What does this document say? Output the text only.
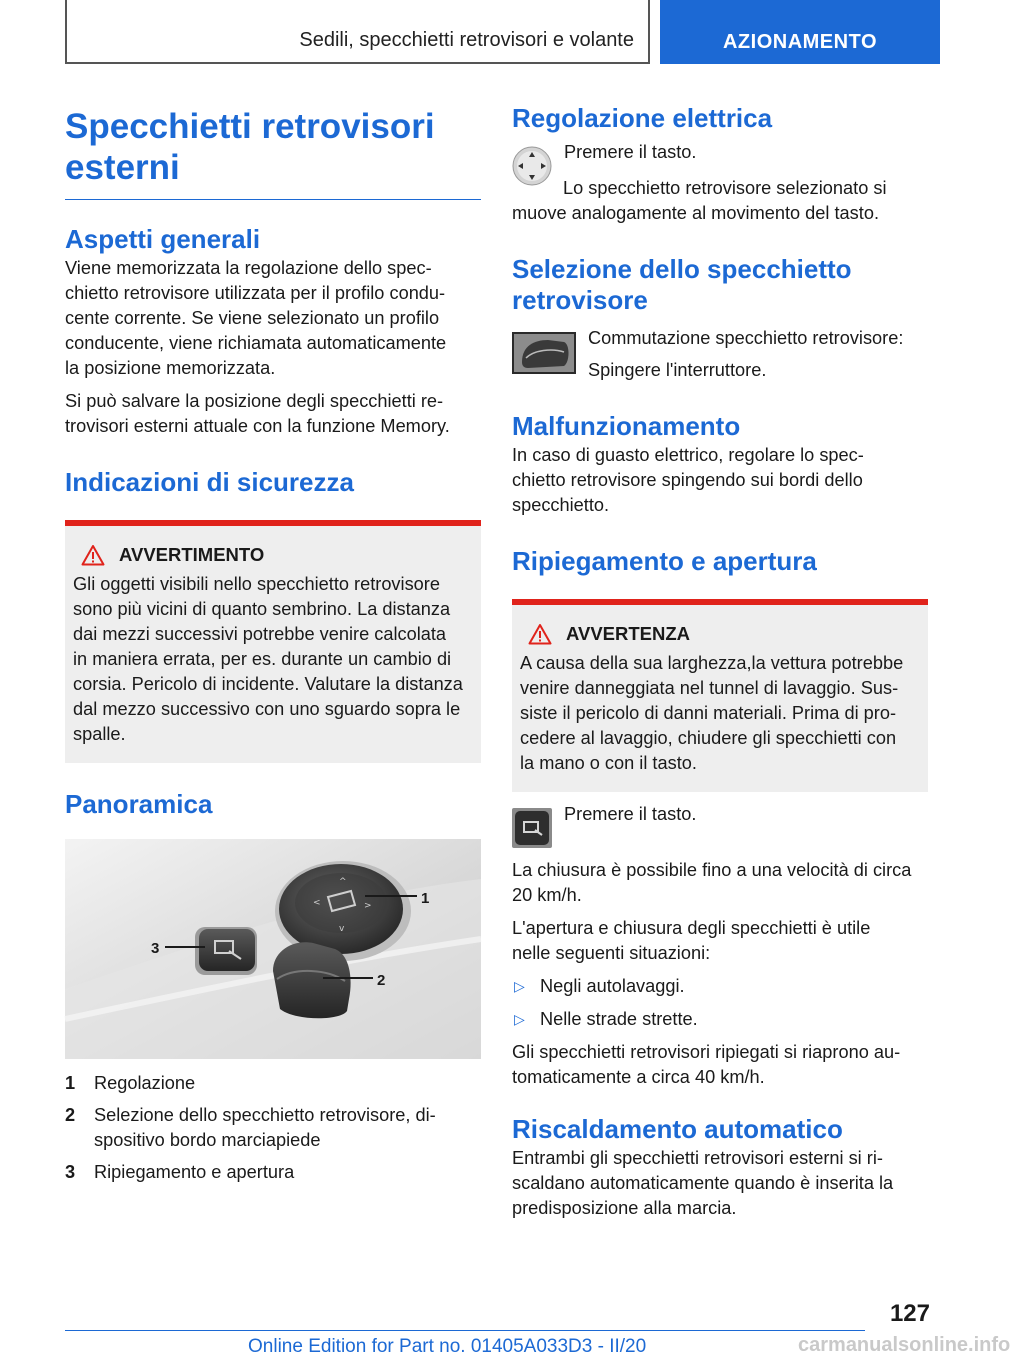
Sedili, specchietti retrovisori e volante	AZIONAMENTO
Specchietti retrovisori
esterni
Aspetti generali

Viene memorizzata la regolazione dello spec-
chietto retrovisore utilizzata per il profilo condu-
cente corrente. Se viene selezionato un profilo
conducente, viene richiamata automaticamente
la posizione memorizzata.

Si può salvare la posizione degli specchietti re-
trovisori esterni attuale con la funzione Memory.

Indicazioni di sicurezza
AVVERTIMENTO

Gli oggetti visibili nello specchietto retrovisore
sono più vicini di quanto sembrino. La distanza
dai mezzi successivi potrebbe venire calcolata
in maniera errata, per es. durante un cambio di
corsia. Pericolo di incidente. Valutare la distanza
dal mezzo successivo con uno sguardo sopra le
spalle.

Panoramica
^
<	>
v
1
2
3
1	Regolazione
2	Selezione dello specchietto retrovisore, di-
spositivo bordo marciapiede
3	Ripiegamento e apertura
Regolazione elettrica

Premere il tasto.

Lo specchietto retrovisore selezionato si
muove analogamente al movimento del tasto.

Selezione dello specchietto
retrovisore

Commutazione specchietto retrovisore:

Spingere l'interruttore.

Malfunzionamento

In caso di guasto elettrico, regolare lo spec-
chietto retrovisore spingendo sui bordi dello
specchietto.

Ripiegamento e apertura
AVVERTENZA

A causa della sua larghezza,la vettura potrebbe
venire danneggiata nel tunnel di lavaggio. Sus-
siste il pericolo di danni materiali. Prima di pro-
cedere al lavaggio, chiudere gli specchietti con
la mano o con il tasto.

Premere il tasto.

La chiusura è possibile fino a una velocità di circa
20 km/h.

L'apertura e chiusura degli specchietti è utile
nelle seguenti situazioni:

▷ Negli autolavaggi.
▷ Nelle strade strette.

Gli specchietti retrovisori ripiegati si riaprono au-
tomaticamente a circa 40 km/h.

Riscaldamento automatico

Entrambi gli specchietti retrovisori esterni si ri-
scaldano automaticamente quando è inserita la
predisposizione alla marcia.

127
Online Edition for Part no. 01405A033D3 - II/20	carmanualsonline.info
